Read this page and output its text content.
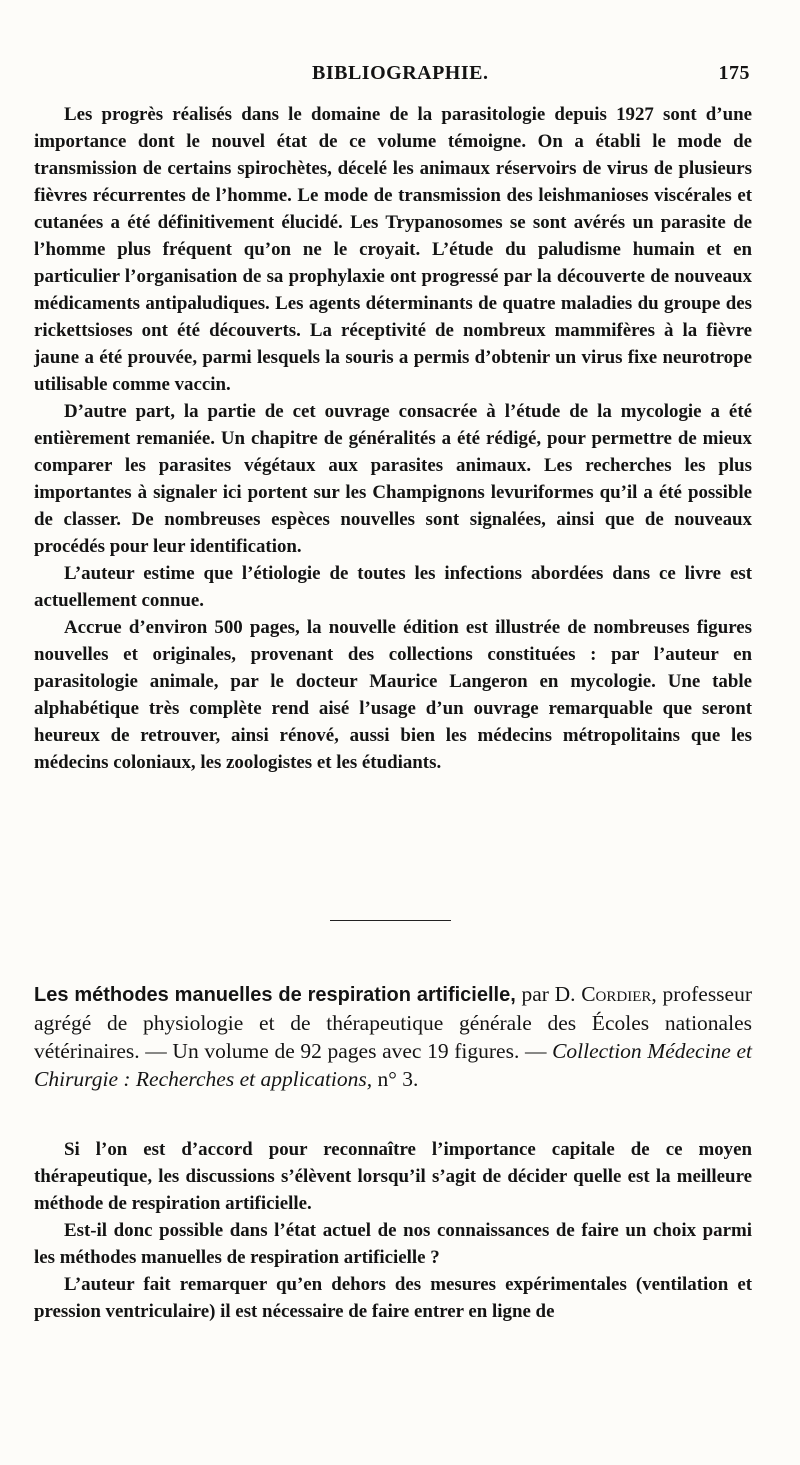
BIBLIOGRAPHIE.	175

Les progrès réalisés dans le domaine de la parasitologie depuis 1927 sont d’une importance dont le nouvel état de ce volume témoigne. On a établi le mode de transmission de certains spirochètes, décelé les animaux réservoirs de virus de plusieurs fièvres récurrentes de l’homme. Le mode de transmission des leishmanioses viscérales et cutanées a été définitivement élucidé. Les Trypanosomes se sont avérés un parasite de l’homme plus fréquent qu’on ne le croyait. L’étude du paludisme humain et en particulier l’organisation de sa prophylaxie ont progressé par la découverte de nouveaux médicaments antipaludiques. Les agents déterminants de quatre maladies du groupe des rickettsioses ont été découverts. La réceptivité de nombreux mammifères à la fièvre jaune a été prouvée, parmi lesquels la souris a permis d’obtenir un virus fixe neurotrope utilisable comme vaccin.

D’autre part, la partie de cet ouvrage consacrée à l’étude de la mycologie a été entièrement remaniée. Un chapitre de généralités a été rédigé, pour permettre de mieux comparer les parasites végétaux aux parasites animaux. Les recherches les plus importantes à signaler ici portent sur les Champignons levuriformes qu’il a été possible de classer. De nombreuses espèces nouvelles sont signalées, ainsi que de nouveaux procédés pour leur identification.

L’auteur estime que l’étiologie de toutes les infections abordées dans ce livre est actuellement connue.

Accrue d’environ 500 pages, la nouvelle édition est illustrée de nombreuses figures nouvelles et originales, provenant des collections constituées : par l’auteur en parasitologie animale, par le docteur Maurice Langeron en mycologie. Une table alphabétique très complète rend aisé l’usage d’un ouvrage remarquable que seront heureux de retrouver, ainsi rénové, aussi bien les médecins métropolitains que les médecins coloniaux, les zoologistes et les étudiants.

Les méthodes manuelles de respiration artificielle, par D. Cordier, professeur agrégé de physiologie et de thérapeutique générale des Écoles nationales vétérinaires. — Un volume de 92 pages avec 19 figures. — Collection Médecine et Chirurgie : Recherches et applications, n° 3.

Si l’on est d’accord pour reconnaître l’importance capitale de ce moyen thérapeutique, les discussions s’élèvent lorsqu’il s’agit de décider quelle est la meilleure méthode de respiration artificielle.

Est-il donc possible dans l’état actuel de nos connaissances de faire un choix parmi les méthodes manuelles de respiration artificielle ?

L’auteur fait remarquer qu’en dehors des mesures expérimentales (ventilation et pression ventriculaire) il est nécessaire de faire entrer en ligne de
